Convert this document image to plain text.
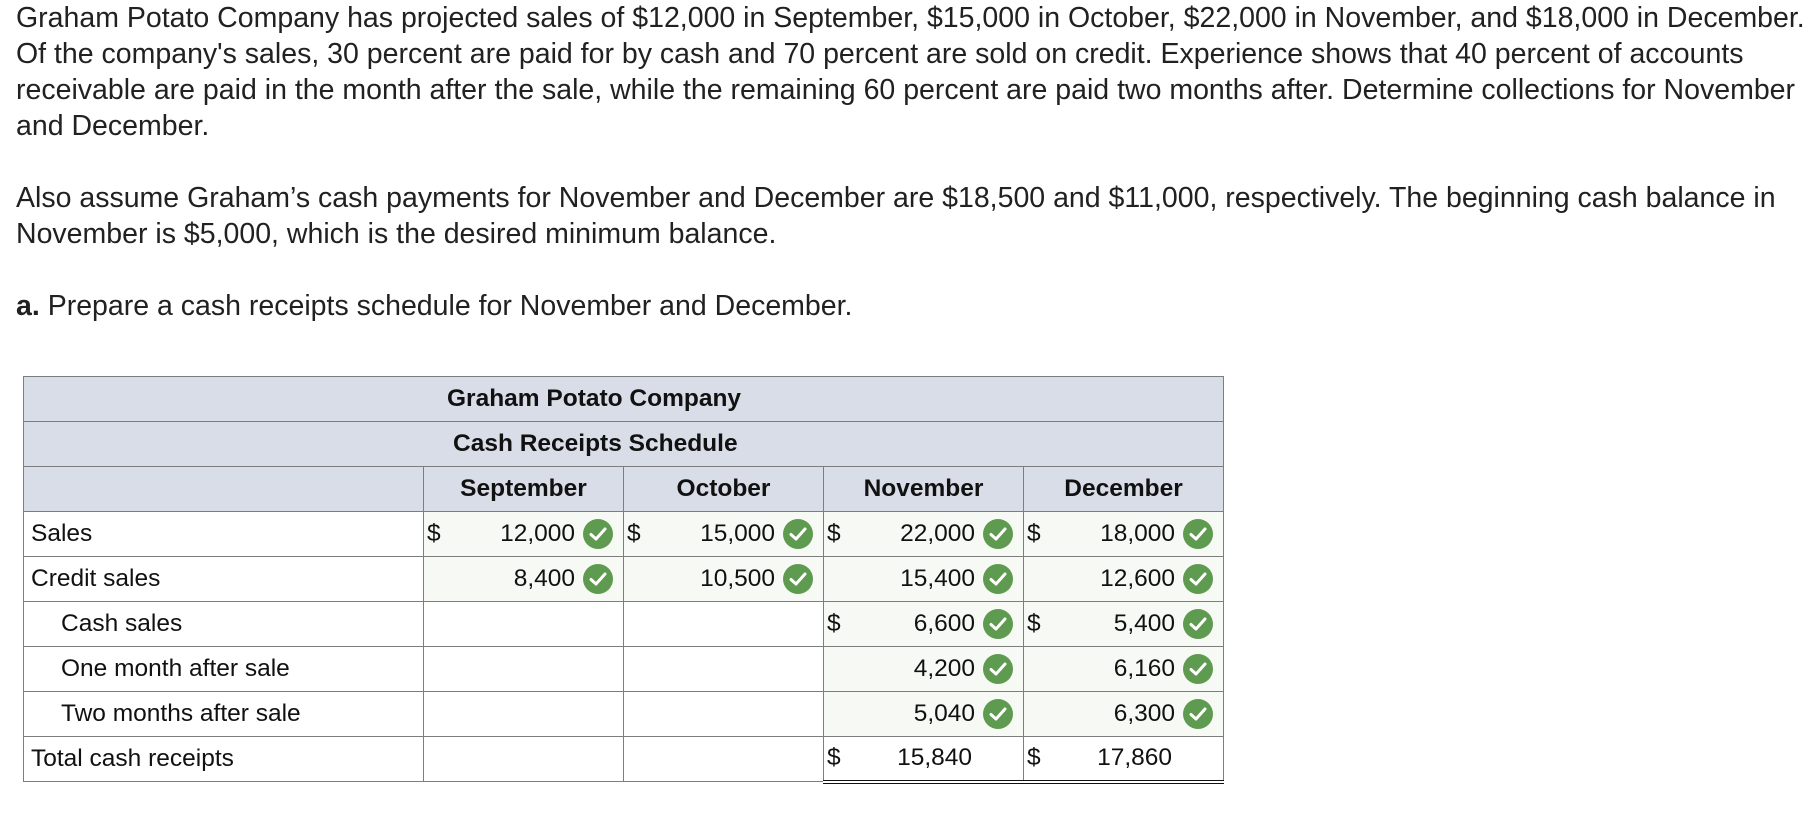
Graham Potato Company has projected sales of $12,000 in September, $15,000 in October, $22,000 in November, and $18,000 in December. Of the company's sales, 30 percent are paid for by cash and 70 percent are sold on credit. Experience shows that 40 percent of accounts receivable are paid in the month after the sale, while the remaining 60 percent are paid two months after. Determine collections for November and December.

Also assume Graham’s cash payments for November and December are $18,500 and $11,000, respectively. The beginning cash balance in November is $5,000, which is the desired minimum balance.

a. Prepare a cash receipts schedule for November and December.

Graham Potato Company				
Cash Receipts Schedule				
	September	October	November	December
Sales	$ 12,000	$ 15,000	$ 22,000	$ 18,000

Credit sales	8,400	10,500	15,400	12,600

Cash sales			$ 6,600	$ 5,400

One month after sale			4,200	6,160

Two months after sale			5,040	6,300

Total cash receipts			$ 15,840	$ 17,860
